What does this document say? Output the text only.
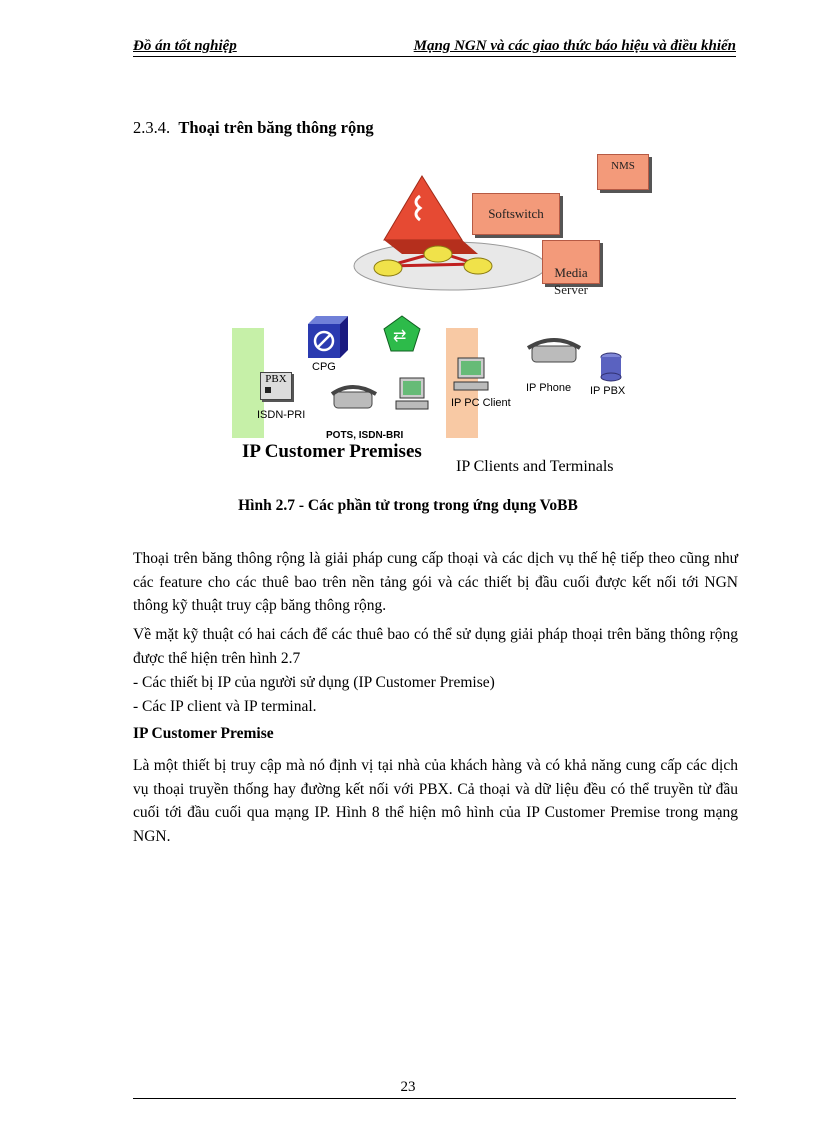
Đồ án tốt nghiệp	Mạng NGN và các giao thức báo hiệu và điều khiển
2.3.4. Thoại trên băng thông rộng
NMS
Softswitch

Media
Server

CPG
⇄
PBX
ISDN-PRI
POTS, ISDN-BRI
IP PC Client
IP Phone IP PBX
IP Customer Premises
IP Clients and Terminals
Hình 2.7 - Các phần tử trong trong ứng dụng VoBB
Thoại trên băng thông rộng là giải pháp cung cấp thoại và các dịch vụ thế hệ tiếp theo cũng như các feature cho các thuê bao trên nền tảng gói và các thiết bị đầu cuối được kết nối tới NGN thông kỹ thuật truy cập băng thông rộng.
Về mặt kỹ thuật có hai cách để các thuê bao có thể sử dụng giải pháp thoại trên băng thông rộng được thể hiện trên hình 2.7
- Các thiết bị IP của người sử dụng (IP Customer Premise)
- Các IP client và IP terminal.
IP Customer Premise
Là một thiết bị truy cập mà nó định vị tại nhà của khách hàng và có khả năng cung cấp các dịch vụ thoại truyền thống hay đường kết nối với PBX. Cả thoại và dữ liệu đều có thể truyền từ đầu cuối tới đầu cuối qua mạng IP. Hình 8 thể hiện mô hình của IP Customer Premise trong mạng NGN.
23
